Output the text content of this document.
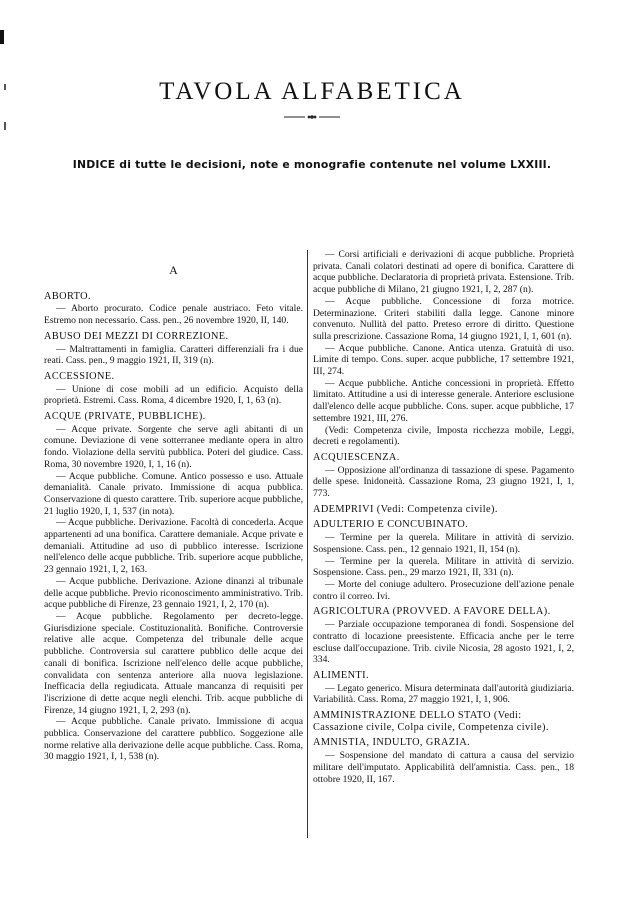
TAVOLA ALFABETICA
INDICE di tutte le decisioni, note e monografie contenute nel volume LXXIII.
A
ABORTO.
— Aborto procurato. Codice penale austriaco. Feto vitale. Estremo non necessario. Cass. pen., 26 novembre 1920, II, 140.
ABUSO DEI MEZZI DI CORREZIONE.
— Maltrattamenti in famiglia. Caratteri differenziali fra i due reati. Cass. pen., 9 maggio 1921, II, 319 (n).
ACCESSIONE.
— Unione di cose mobili ad un edificio. Acquisto della proprietà. Estremi. Cass. Roma, 4 dicembre 1920, I, 1, 63 (n).
ACQUE (PRIVATE, PUBBLICHE).
— Acque private. Sorgente che serve agli abitanti di un comune. Deviazione di vene sotterranee mediante opera in altro fondo. Violazione della servitù pubblica. Poteri del giudice. Cass. Roma, 30 novembre 1920, I, 1, 16 (n).
— Acque pubbliche. Comune. Antico possesso e uso. Attuale demanialità. Canale privato. Immissione di acqua pubblica. Conservazione di questo carattere. Trib. superiore acque pubbliche, 21 luglio 1920, I, 1, 537 (in nota).
— Acque pubbliche. Derivazione. Facoltà di concederla. Acque appartenenti ad una bonifica. Carattere demaniale. Acque private e demaniali. Attitudine ad uso di pubblico interesse. Iscrizione nell'elenco delle acque pubbliche. Trib. superiore acque pubbliche, 23 gennaio 1921, I, 2, 163.
— Acque pubbliche. Derivazione. Azione dinanzi al tribunale delle acque pubbliche. Previo riconoscimento amministrativo. Trib. acque pubbliche di Firenze, 23 gennaio 1921, I, 2, 170 (n).
— Acque pubbliche. Regolamento per decreto-legge. Giurisdizione speciale. Costituzionalità. Bonifiche. Controversie relative alle acque. Competenza del tribunale delle acque pubbliche. Controversia sul carattere pubblico delle acque dei canali di bonifica. Iscrizione nell'elenco delle acque pubbliche, convalidata con sentenza anteriore alla nuova legislazione. Inefficacia della regiudicata. Attuale mancanza di requisiti per l'iscrizione di dette acque negli elenchi. Trib. acque pubbliche di Firenze, 14 giugno 1921, I, 2, 293 (n).
— Acque pubbliche. Canale privato. Immissione di acqua pubblica. Conservazione del carattere pubblico. Soggezione alle norme relative alla derivazione delle acque pubbliche. Cass. Roma, 30 maggio 1921, I, 1, 538 (n).
— Corsi artificiali e derivazioni di acque pubbliche. Proprietà privata. Canali colatori destinati ad opere di bonifica. Carattere di acque pubbliche. Declaratoria di proprietà privata. Estensione. Trib. acque pubbliche di Milano, 21 giugno 1921, I, 2, 287 (n).
— Acque pubbliche. Concessione di forza motrice. Determinazione. Criteri stabiliti dalla legge. Canone minore convenuto. Nullità del patto. Preteso errore di diritto. Questione sulla prescrizione. Cassazione Roma, 14 giugno 1921, I, 1, 601 (n).
— Acque pubbliche. Canone. Antica utenza. Gratuità di uso. Limite di tempo. Cons. super. acque pubbliche, 17 settembre 1921, III, 274.
— Acque pubbliche. Antiche concessioni in proprietà. Effetto limitato. Attitudine a usi di interesse generale. Anteriore esclusione dall'elenco delle acque pubbliche. Cons. super. acque pubbliche, 17 settembre 1921, III, 276.
(Vedi: Competenza civile, Imposta ricchezza mobile, Leggi, decreti e regolamenti).
ACQUIESCENZA.
— Opposizione all'ordinanza di tassazione di spese. Pagamento delle spese. Inidoneità. Cassazione Roma, 23 giugno 1921, I, 1, 773.
ADEMPRIVI (Vedi: Competenza civile).
ADULTERIO E CONCUBINATO.
— Termine per la querela. Militare in attività di servizio. Sospensione. Cass. pen., 12 gennaio 1921, II, 154 (n).
— Termine per la querela. Militare in attività di servizio. Sospensione. Cass. pen., 29 marzo 1921, II, 331 (n).
— Morte del coniuge adultero. Prosecuzione dell'azione penale contro il correo. Ivi.
AGRICOLTURA (PROVVED. A FAVORE DELLA).
— Parziale occupazione temporanea di fondi. Sospensione del contratto di locazione preesistente. Efficacia anche per le terre escluse dall'occupazione. Trib. civile Nicosia, 28 agosto 1921, I, 2, 334.
ALIMENTI.
— Legato generico. Misura determinata dall'autorità giudiziaria. Variabilità. Cass. Roma, 27 maggio 1921, I, 1, 906.
AMMINISTRAZIONE DELLO STATO (Vedi: Cassazione civile, Colpa civile, Competenza civile).
AMNISTIA, INDULTO, GRAZIA.
— Sospensione del mandato di cattura a causa del servizio militare dell'imputato. Applicabilità dell'amnistia. Cass. pen., 18 ottobre 1920, II, 167.
